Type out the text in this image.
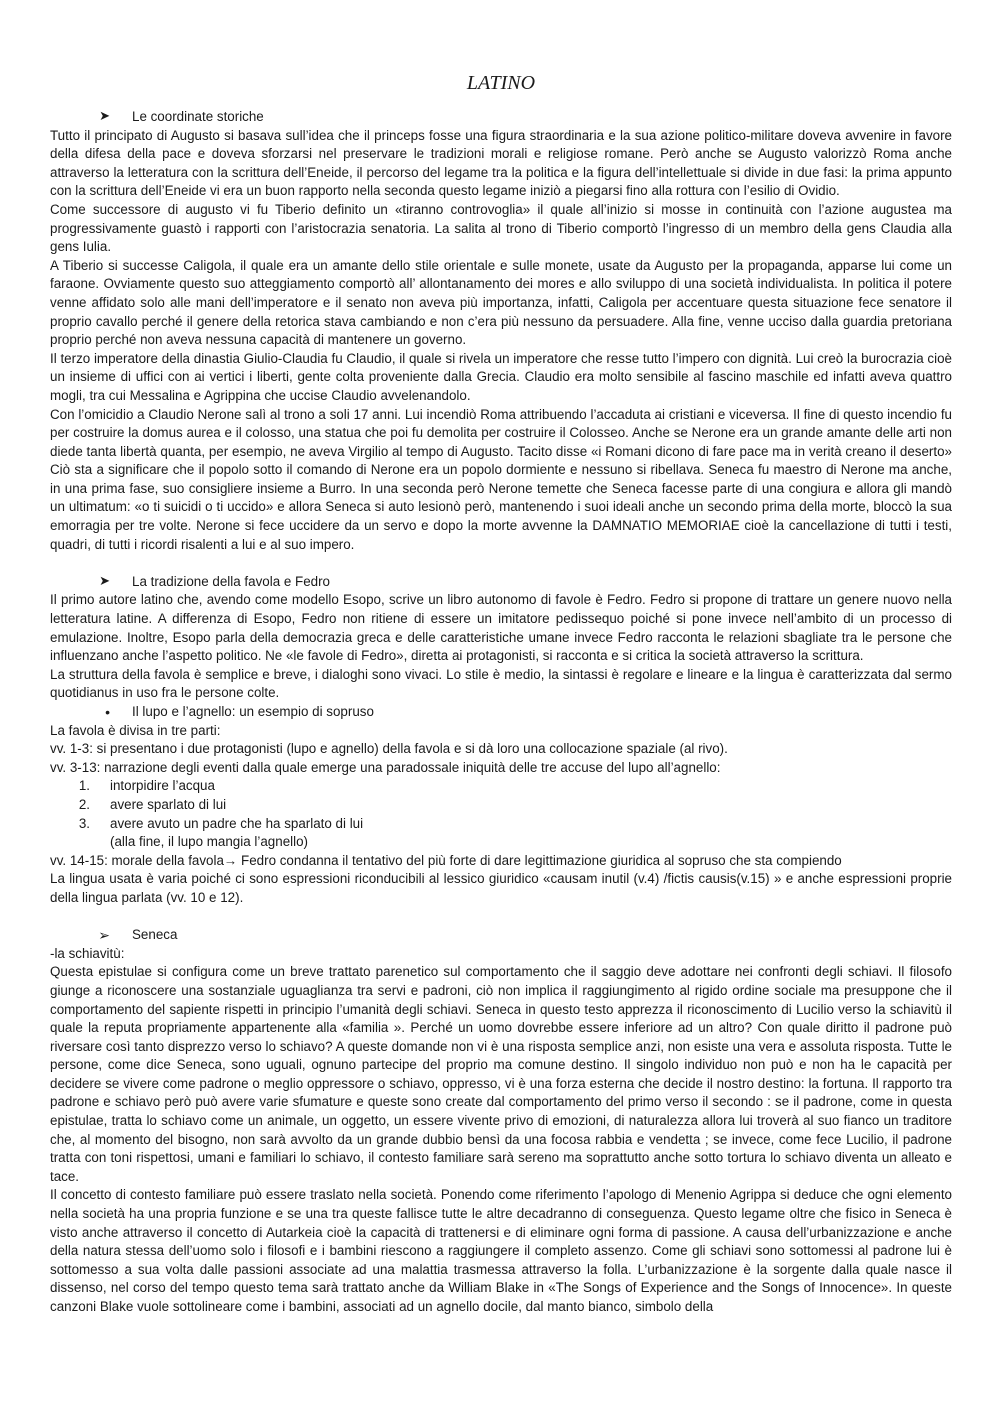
LATINO
➤ Le coordinate storiche

Tutto il principato di Augusto si basava sull’idea che il princeps fosse una figura straordinaria e la sua azione politico-militare doveva avvenire in favore della difesa della pace e doveva sforzarsi nel preservare le tradizioni morali e religiose romane. Però anche se Augusto valorizzò Roma anche attraverso la letteratura con la scrittura dell’Eneide, il percorso del legame tra la politica e la figura dell’intellettuale si divide in due fasi: la prima appunto con la scrittura dell’Eneide vi era un buon rapporto nella seconda questo legame iniziò a piegarsi fino alla rottura con l’esilio di Ovidio.

Come successore di augusto vi fu Tiberio definito un «tiranno controvoglia» il quale all’inizio si mosse in continuità con l’azione augustea ma progressivamente guastò i rapporti con l’aristocrazia senatoria. La salita al trono di Tiberio comportò l’ingresso di un membro della gens Claudia alla gens Iulia.

A Tiberio si successe Caligola, il quale era un amante dello stile orientale e sulle monete, usate da Augusto per la propaganda, apparse lui come un faraone. Ovviamente questo suo atteggiamento comportò all’ allontanamento dei mores e allo sviluppo di una società individualista. In politica il potere venne affidato solo alle mani dell’imperatore e il senato non aveva più importanza, infatti, Caligola per accentuare questa situazione fece senatore il proprio cavallo perché il genere della retorica stava cambiando e non c’era più nessuno da persuadere. Alla fine, venne ucciso dalla guardia pretoriana proprio perché non aveva nessuna capacità di mantenere un governo.

Il terzo imperatore della dinastia Giulio-Claudia fu Claudio, il quale si rivela un imperatore che resse tutto l’impero con dignità. Lui creò la burocrazia cioè un insieme di uffici con ai vertici i liberti, gente colta proveniente dalla Grecia. Claudio era molto sensibile al fascino maschile ed infatti aveva quattro mogli, tra cui Messalina e Agrippina che uccise Claudio avvelenandolo.

Con l’omicidio a Claudio Nerone salì al trono a soli 17 anni. Lui incendiò Roma attribuendo l’accaduta ai cristiani e viceversa. Il fine di questo incendio fu per costruire la domus aurea e il colosso, una statua che poi fu demolita per costruire il Colosseo. Anche se Nerone era un grande amante delle arti non diede tanta libertà quanta, per esempio, ne aveva Virgilio al tempo di Augusto. Tacito disse «i Romani dicono di fare pace ma in verità creano il deserto» Ciò sta a significare che il popolo sotto il comando di Nerone era un popolo dormiente e nessuno si ribellava. Seneca fu maestro di Nerone ma anche, in una prima fase, suo consigliere insieme a Burro. In una seconda però Nerone temette che Seneca facesse parte di una congiura e allora gli mandò un ultimatum: «o ti suicidi o ti uccido» e allora Seneca si auto lesionò però, mantenendo i suoi ideali anche un secondo prima della morte, bloccò la sua emorragia per tre volte. Nerone si fece uccidere da un servo e dopo la morte avvenne la DAMNATIO MEMORIAE cioè la cancellazione di tutti i testi, quadri, di tutti i ricordi risalenti a lui e al suo impero.

➤ La tradizione della favola e Fedro

Il primo autore latino che, avendo come modello Esopo, scrive un libro autonomo di favole è Fedro. Fedro si propone di trattare un genere nuovo nella letteratura latine. A differenza di Esopo, Fedro non ritiene di essere un imitatore pedissequo poiché si pone invece nell’ambito di un processo di emulazione. Inoltre, Esopo parla della democrazia greca e delle caratteristiche umane invece Fedro racconta le relazioni sbagliate tra le persone che influenzano anche l’aspetto politico. Ne «le favole di Fedro», diretta ai protagonisti, si racconta e si critica la società attraverso la scrittura.

La struttura della favola è semplice e breve, i dialoghi sono vivaci. Lo stile è medio, la sintassi è regolare e lineare e la lingua è caratterizzata dal sermo quotidianus in uso fra le persone colte.

• Il lupo e l’agnello: un esempio di sopruso

La favola è divisa in tre parti:

vv. 1-3: si presentano i due protagonisti (lupo e agnello) della favola e si dà loro una collocazione spaziale (al rivo).

vv. 3-13: narrazione degli eventi dalla quale emerge una paradossale iniquità delle tre accuse del lupo all’agnello:

1. intorpidire l’acqua
2. avere sparlato di lui
3. avere avuto un padre che ha sparlato di lui

(alla fine, il lupo mangia l’agnello)

vv. 14-15: morale della favola→ Fedro condanna il tentativo del più forte di dare legittimazione giuridica al sopruso che sta compiendo

La lingua usata è varia poiché ci sono espressioni riconducibili al lessico giuridico «causam inutil (v.4) /fictis causis(v.15) » e anche espressioni proprie della lingua parlata (vv. 10 e 12).

➢ Seneca

-la schiavitù:

Questa epistulae si configura come un breve trattato parenetico sul comportamento che il saggio deve adottare nei confronti degli schiavi. Il filosofo giunge a riconoscere una sostanziale uguaglianza tra servi e padroni, ciò non implica il raggiungimento al rigido ordine sociale ma presuppone che il comportamento del sapiente rispetti in principio l’umanità degli schiavi. Seneca in questo testo apprezza il riconoscimento di Lucilio verso la schiavitù il quale la reputa propriamente appartenente alla «familia ». Perché un uomo dovrebbe essere inferiore ad un altro? Con quale diritto il padrone può riversare così tanto disprezzo verso lo schiavo? A queste domande non vi è una risposta semplice anzi, non esiste una vera e assoluta risposta. Tutte le persone, come dice Seneca, sono uguali, ognuno partecipe del proprio ma comune destino. Il singolo individuo non può e non ha le capacità per decidere se vivere come padrone o meglio oppressore o schiavo, oppresso, vi è una forza esterna che decide il nostro destino: la fortuna. Il rapporto tra padrone e schiavo però può avere varie sfumature e queste sono create dal comportamento del primo verso il secondo : se il padrone, come in questa epistulae, tratta lo schiavo come un animale, un oggetto, un essere vivente privo di emozioni, di naturalezza allora lui troverà al suo fianco un traditore che, al momento del bisogno, non sarà avvolto da un grande dubbio bensì da una focosa rabbia e vendetta ; se invece, come fece Lucilio, il padrone tratta con toni rispettosi, umani e familiari lo schiavo, il contesto familiare sarà sereno ma soprattutto anche sotto tortura lo schiavo diventa un alleato e tace.

Il concetto di contesto familiare può essere traslato nella società. Ponendo come riferimento l’apologo di Menenio Agrippa si deduce che ogni elemento nella società ha una propria funzione e se una tra queste fallisce tutte le altre decadranno di conseguenza. Questo legame oltre che fisico in Seneca è visto anche attraverso il concetto di Autarkeia cioè la capacità di trattenersi e di eliminare ogni forma di passione. A causa dell’urbanizzazione e anche della natura stessa dell’uomo solo i filosofi e i bambini riescono a raggiungere il completo assenzo. Come gli schiavi sono sottomessi al padrone lui è sottomesso a sua volta dalle passioni associate ad una malattia trasmessa attraverso la folla. L’urbanizzazione è la sorgente dalla quale nasce il dissenso, nel corso del tempo questo tema sarà trattato anche da William Blake in «The Songs of Experience and the Songs of Innocence». In queste canzoni Blake vuole sottolineare come i bambini, associati ad un agnello docile, dal manto bianco, simbolo della
